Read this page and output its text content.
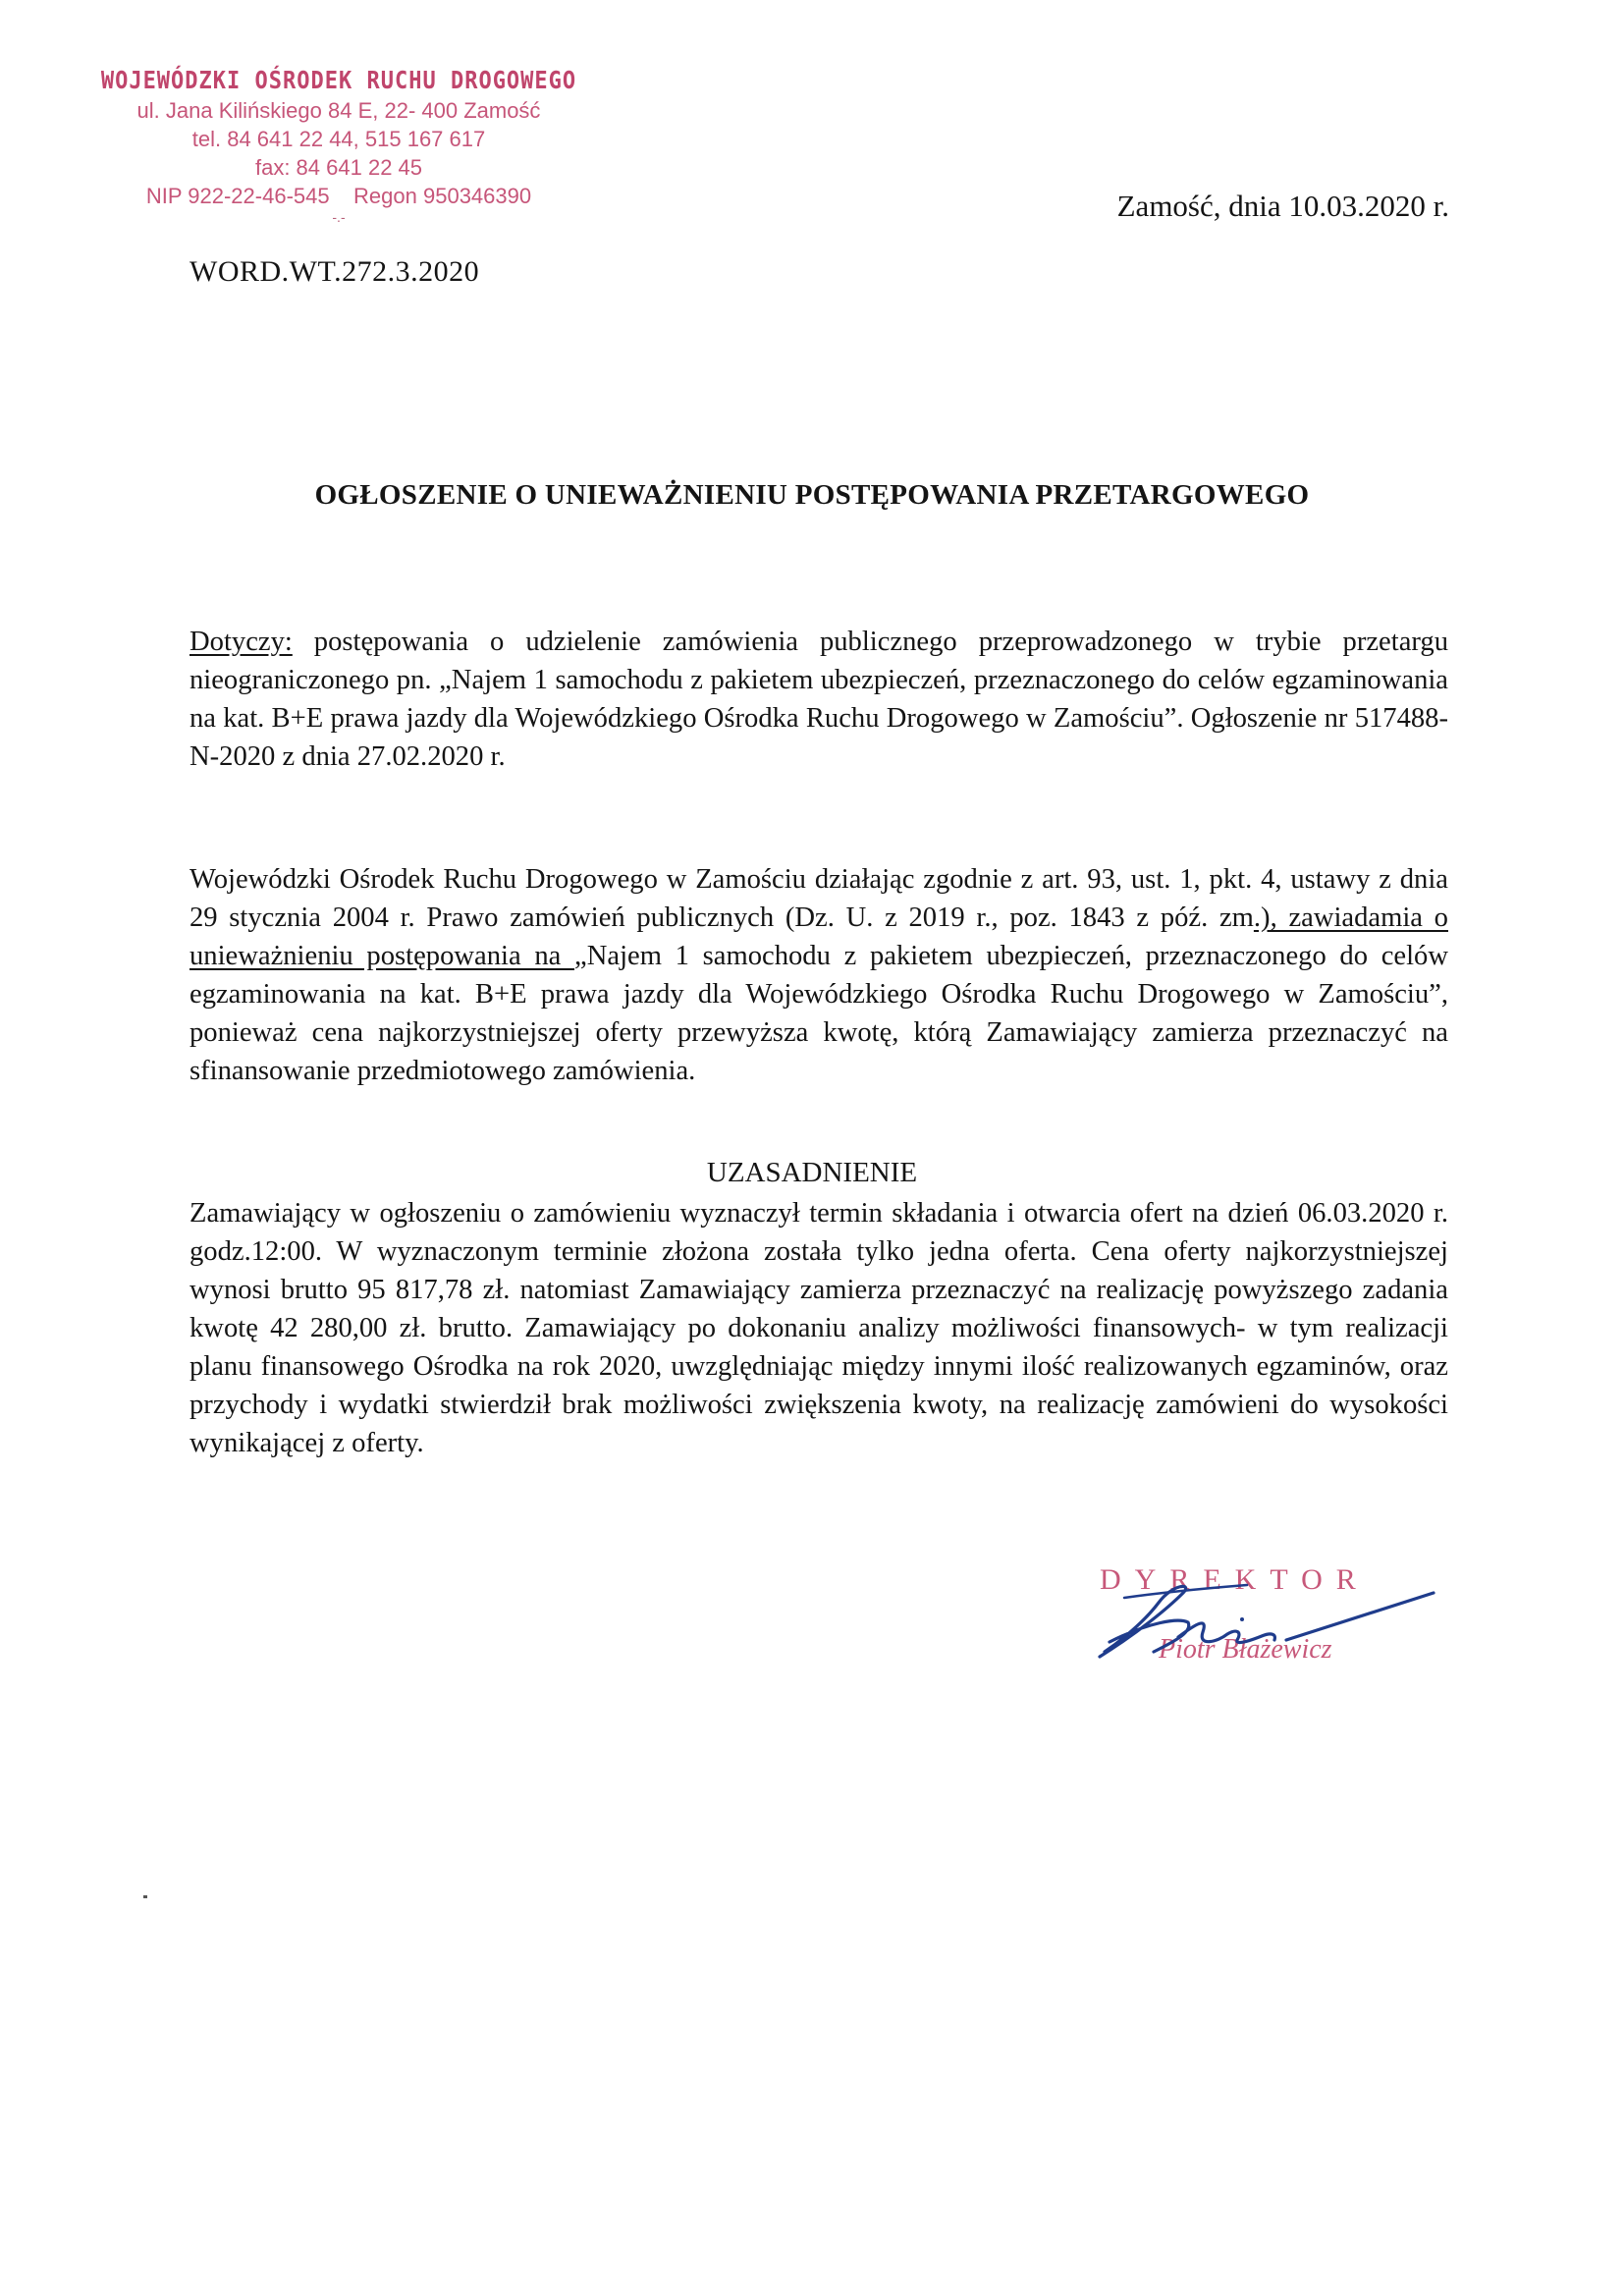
WOJEWÓDZKI OŚRODEK RUCHU DROGOWEGO
ul. Jana Kilińskiego 84 E, 22- 400 Zamość
tel. 84 641 22 44, 515 167 617
fax: 84 641 22 45
NIP 922-22-46-545    Regon 950346390
-.-	Zamość, dnia 10.03.2020 r.
WORD.WT.272.3.2020
OGŁOSZENIE O UNIEWAŻNIENIU POSTĘPOWANIA PRZETARGOWEGO
Dotyczy: postępowania o udzielenie zamówienia publicznego przeprowadzonego w trybie przetargu nieograniczonego pn. „Najem 1 samochodu z pakietem ubezpieczeń, przeznaczonego do celów egzaminowania na kat. B+E prawa jazdy dla Wojewódzkiego Ośrodka Ruchu Drogowego w Zamościu”. Ogłoszenie nr 517488-N-2020 z dnia 27.02.2020 r.
Wojewódzki Ośrodek Ruchu Drogowego w Zamościu działając zgodnie z art. 93, ust. 1, pkt. 4, ustawy z dnia 29 stycznia 2004 r. Prawo zamówień publicznych (Dz. U. z 2019 r., poz. 1843 z póź. zm.), zawiadamia o unieważnieniu postępowania na „Najem 1 samochodu z pakietem ubezpieczeń, przeznaczonego do celów egzaminowania na kat. B+E prawa jazdy dla Wojewódzkiego Ośrodka Ruchu Drogowego w Zamościu”, ponieważ cena najkorzystniejszej oferty przewyższa kwotę, którą Zamawiający zamierza przeznaczyć na sfinansowanie przedmiotowego zamówienia.
UZASADNIENIE
Zamawiający w ogłoszeniu o zamówieniu wyznaczył termin składania i otwarcia ofert na dzień 06.03.2020 r. godz.12:00. W wyznaczonym terminie złożona została tylko jedna oferta. Cena oferty najkorzystniejszej wynosi brutto 95 817,78 zł. natomiast Zamawiający zamierza przeznaczyć na realizację powyższego zadania kwotę 42 280,00 zł. brutto. Zamawiający po dokonaniu analizy możliwości finansowych- w tym realizacji planu finansowego Ośrodka na rok 2020, uwzględniając między innymi ilość realizowanych egzaminów, oraz przychody i wydatki stwierdził brak możliwości zwiększenia kwoty, na realizację zamówieni do wysokości wynikającej z oferty.
DYREKTOR
Piotr Błażewicz
